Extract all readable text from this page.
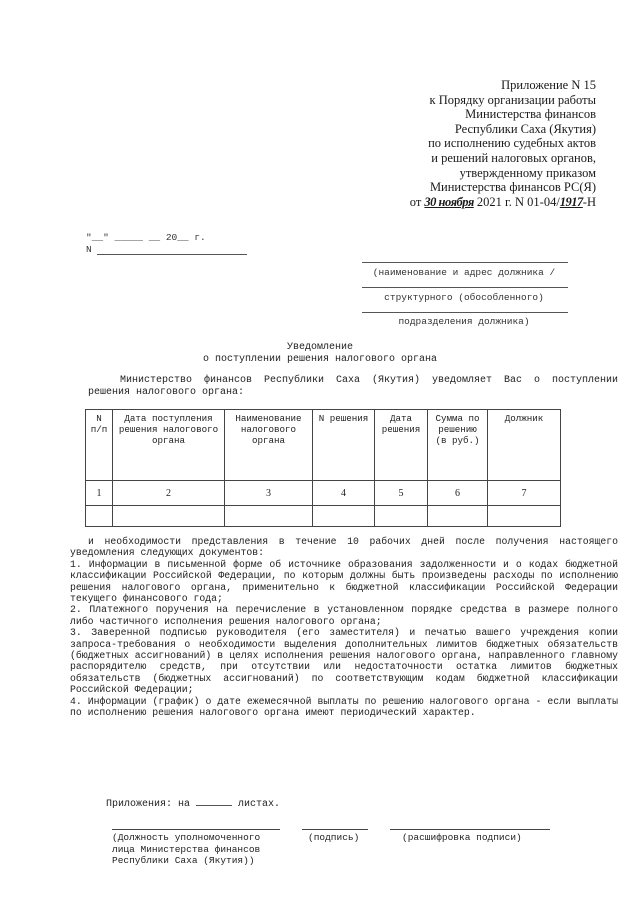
Приложение N 15
к Порядку организации работы
Министерства финансов
Республики Саха (Якутия)
по исполнению судебных актов
и решений налоговых органов,
утвержденному приказом
Министерства финансов РС(Я)
от 30 ноября 2021 г. N 01-04/1917-Н
"__" _____ __ 20__ г.
N
(наименование и адрес должника /
структурного (обособленного)
подразделения должника)
Уведомление
о поступлении решения налогового органа
Министерство финансов Республики Саха (Якутия) уведомляет Вас о поступлении решения налогового органа:
N п/п	Дата поступления решения налогового органа	Наименование налогового органа	N решения	Дата решения	Сумма по решению (в руб.)	Должник
1	2	3	4	5	6	7

и необходимости представления в течение 10 рабочих дней после получения настоящего уведомления следующих документов:

1. Информации в письменной форме об источнике образования задолженности и о кодах бюджетной классификации Российской Федерации, по которым должны быть произведены расходы по исполнению решения налогового органа, применительно к бюджетной классификации Российской Федерации текущего финансового года;

2. Платежного поручения на перечисление в установленном порядке средства в размере полного либо частичного исполнения решения налогового органа;

3. Заверенной подписью руководителя (его заместителя) и печатью вашего учреждения копии запроса-требования о необходимости выделения дополнительных лимитов бюджетных обязательств (бюджетных ассигнований) в целях исполнения решения налогового органа, направленного главному распорядителю средств, при отсутствии или недостаточности остатка лимитов бюджетных обязательств (бюджетных ассигнований) по соответствующим кодам бюджетной классификации Российской Федерации;

4. Информации (график) о дате ежемесячной выплаты по решению налогового органа - если выплаты по исполнению решения налогового органа имеют периодический характер.

Приложения: на	листах.
(Должность уполномоченного
лица Министерства финансов
Республики Саха (Якутия))
(подпись)	(расшифровка подписи)
